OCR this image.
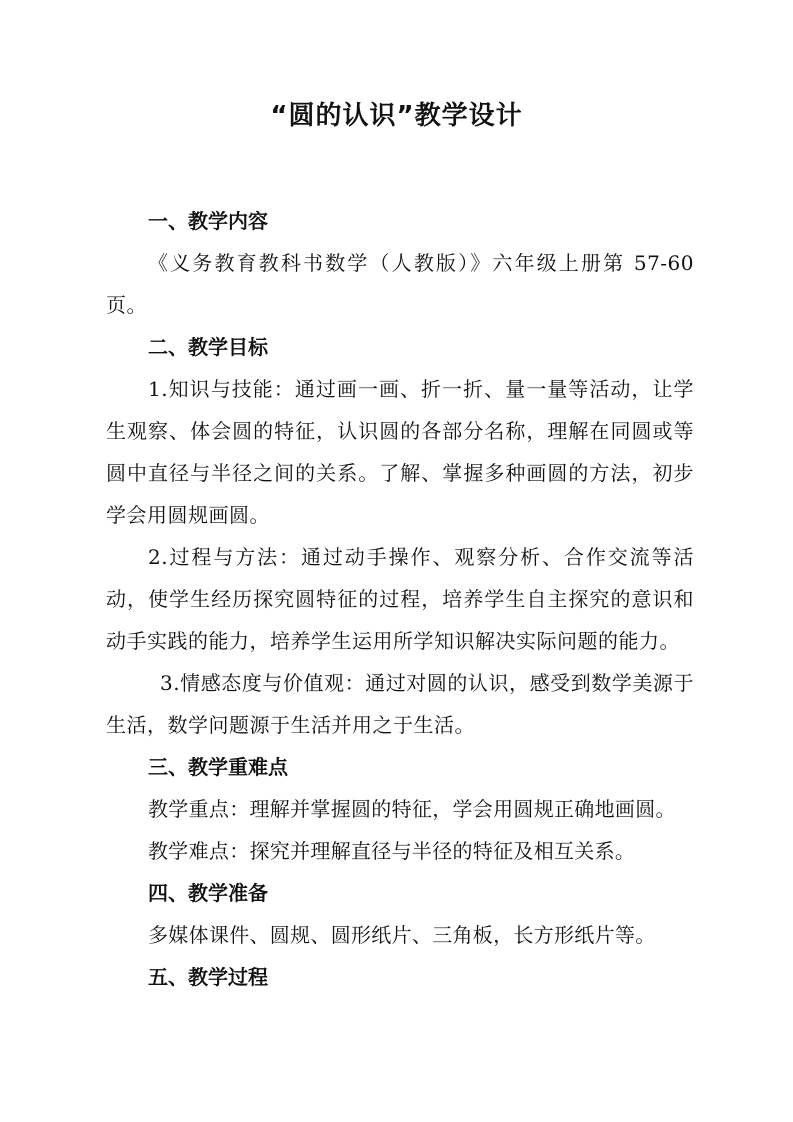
“圆的认识”教学设计

一、教学内容

《义务教育教科书数学（人教版）》六年级上册第 57-60 页。

二、教学目标

1.知识与技能：通过画一画、折一折、量一量等活动，让学生观察、体会圆的特征，认识圆的各部分名称，理解在同圆或等圆中直径与半径之间的关系。了解、掌握多种画圆的方法，初步学会用圆规画圆。

2.过程与方法：通过动手操作、观察分析、合作交流等活动，使学生经历探究圆特征的过程，培养学生自主探究的意识和动手实践的能力，培养学生运用所学知识解决实际问题的能力。

3.情感态度与价值观：通过对圆的认识，感受到数学美源于生活，数学问题源于生活并用之于生活。

三、教学重难点

教学重点：理解并掌握圆的特征，学会用圆规正确地画圆。

教学难点：探究并理解直径与半径的特征及相互关系。

四、教学准备

多媒体课件、圆规、圆形纸片、三角板，长方形纸片等。

五、教学过程
